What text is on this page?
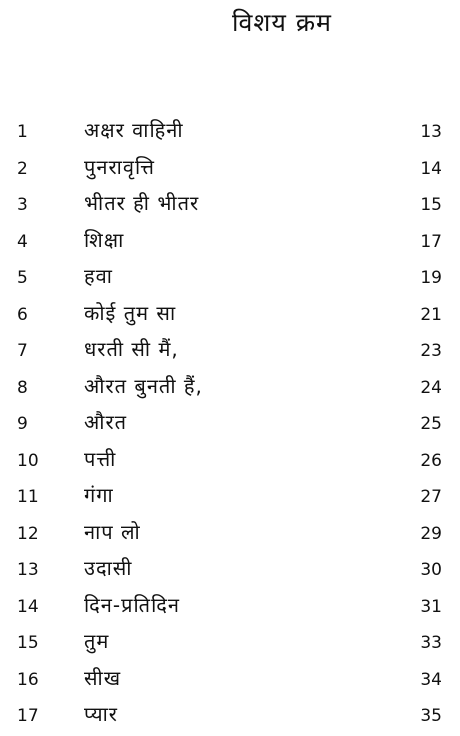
विशय क्रम
1	अक्षर वाहिनी	13
2	पुनरावृत्ति	14
3	भीतर ही भीतर	15
4	शिक्षा	17
5	हवा	19
6	कोई तुम सा	21
7	धरती सी मैं,	23
8	औरत बुनती हैं,	24
9	औरत	25
10 पत्ती	26
11 गंगा	27
12 नाप लो	29
13 उदासी	30
14 दिन-प्रतिदिन	31
15 तुम	33
16 सीख	34
17 प्यार	35
